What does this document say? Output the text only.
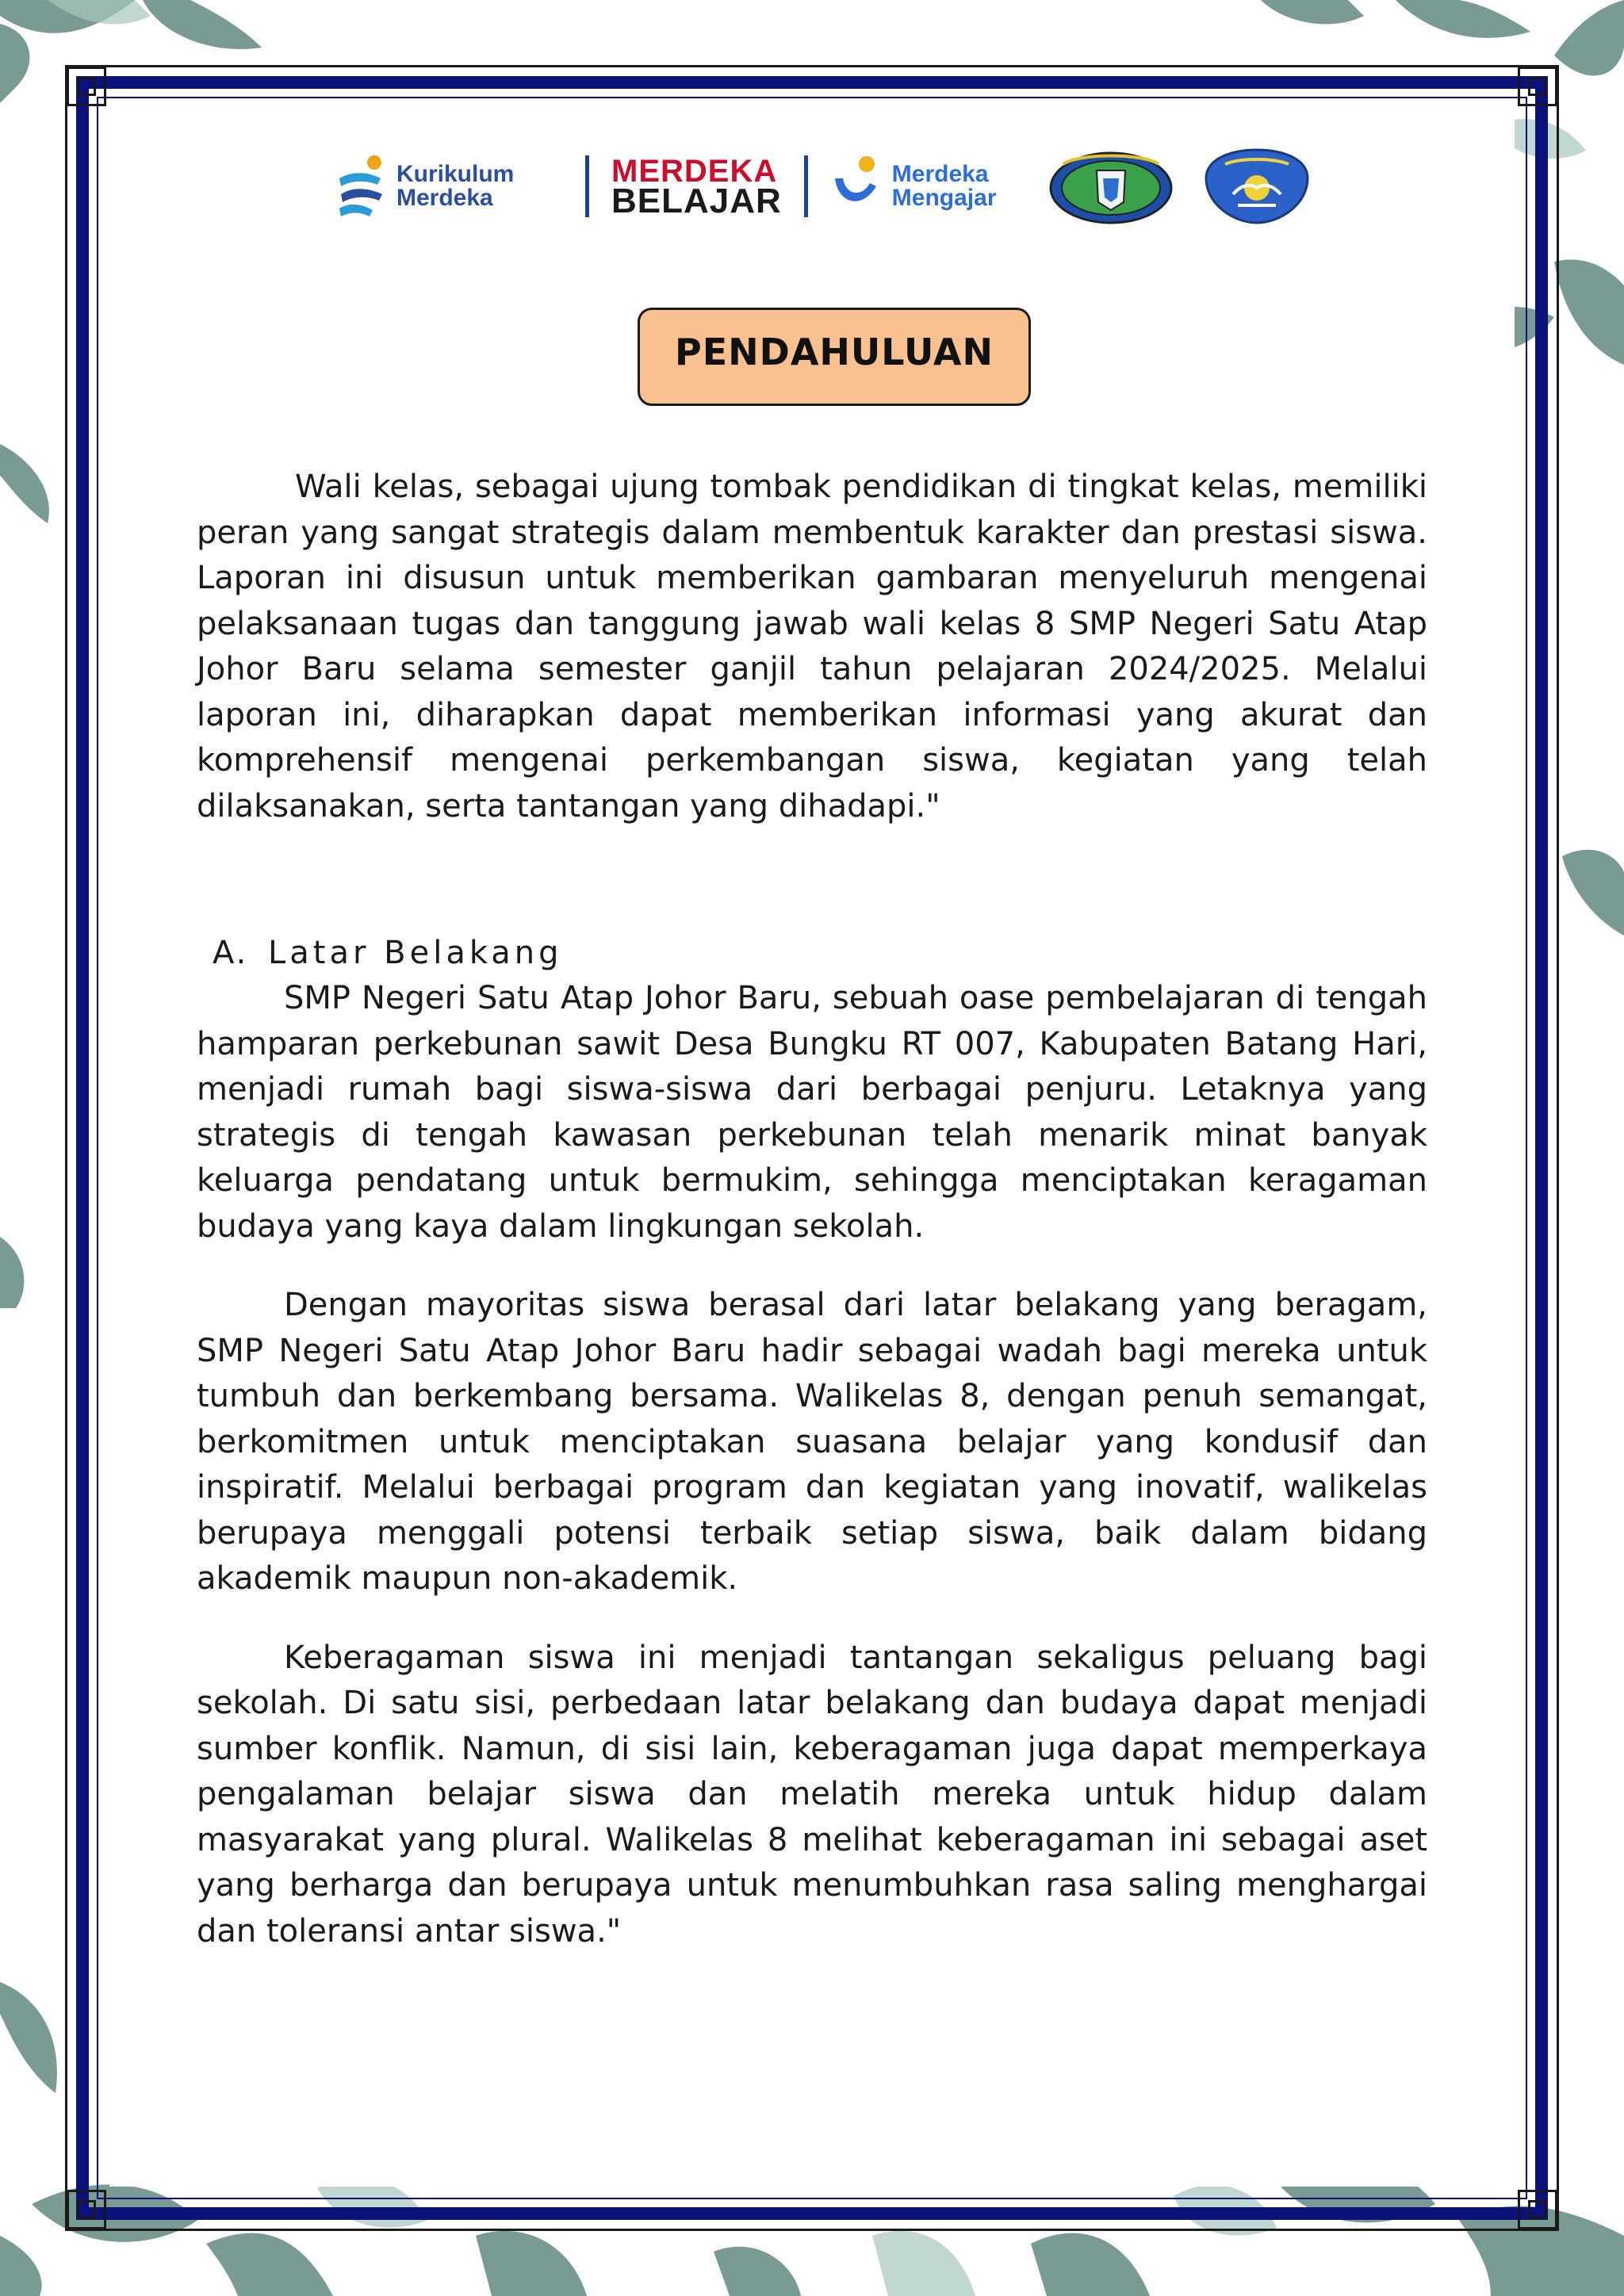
Kurikulum
Merdeka
MERDEKA
BELAJAR
Merdeka
Mengajar
PENDAHULUAN

Wali kelas, sebagai ujung tombak pendidikan di tingkat kelas, memiliki peran yang sangat strategis dalam membentuk karakter dan prestasi siswa. Laporan ini disusun untuk memberikan gambaran menyeluruh mengenai pelaksanaan tugas dan tanggung jawab wali kelas 8 SMP Negeri Satu Atap Johor Baru selama semester ganjil tahun pelajaran 2024/2025. Melalui laporan ini, diharapkan dapat memberikan informasi yang akurat dan komprehensif mengenai perkembangan siswa, kegiatan yang telah dilaksanakan, serta tantangan yang dihadapi."

A. Latar Belakang

SMP Negeri Satu Atap Johor Baru, sebuah oase pembelajaran di tengah hamparan perkebunan sawit Desa Bungku RT 007, Kabupaten Batang Hari, menjadi rumah bagi siswa-siswa dari berbagai penjuru. Letaknya yang strategis di tengah kawasan perkebunan telah menarik minat banyak keluarga pendatang untuk bermukim, sehingga menciptakan keragaman budaya yang kaya dalam lingkungan sekolah.

Dengan mayoritas siswa berasal dari latar belakang yang beragam, SMP Negeri Satu Atap Johor Baru hadir sebagai wadah bagi mereka untuk tumbuh dan berkembang bersama. Walikelas 8, dengan penuh semangat, berkomitmen untuk menciptakan suasana belajar yang kondusif dan inspiratif. Melalui berbagai program dan kegiatan yang inovatif, walikelas berupaya menggali potensi terbaik setiap siswa, baik dalam bidang akademik maupun non-akademik.

Keberagaman siswa ini menjadi tantangan sekaligus peluang bagi sekolah. Di satu sisi, perbedaan latar belakang dan budaya dapat menjadi sumber konflik. Namun, di sisi lain, keberagaman juga dapat memperkaya pengalaman belajar siswa dan melatih mereka untuk hidup dalam masyarakat yang plural. Walikelas 8 melihat keberagaman ini sebagai aset yang berharga dan berupaya untuk menumbuhkan rasa saling menghargai dan toleransi antar siswa."
